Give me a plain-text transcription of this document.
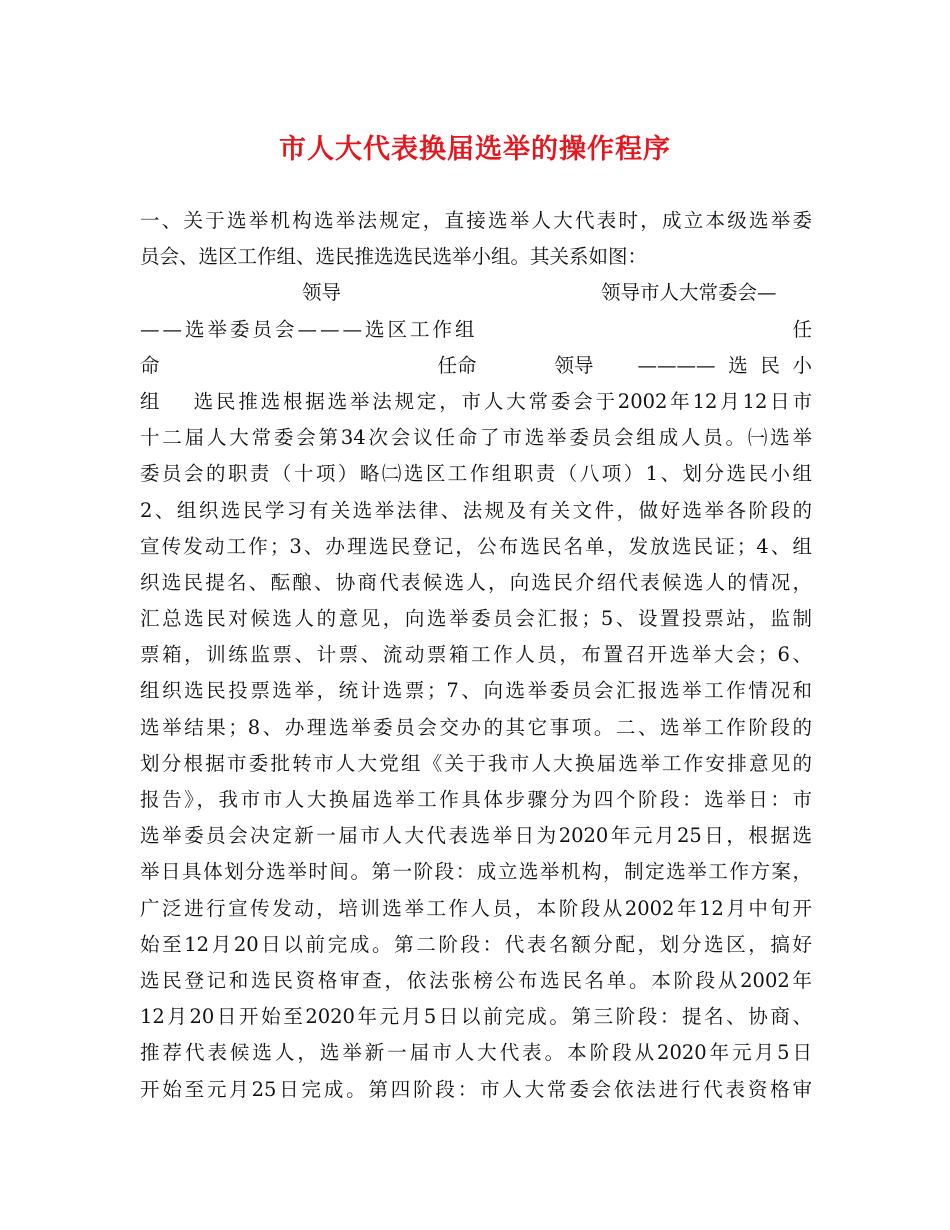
市人大代表换届选举的操作程序
一、关于选举机构选举法规定，直接选举人大代表时，成立本级选举委
员会、选区工作组、选民推选选民选举小组。其关系如图：
领导	领导市人大常委会—
——选举委员会———选区工作组	任
命	任命	领导 ————选民小
组　 选民推选根据选举法规定，市人大常委会于2002年12月12日市
十二届人大常委会第34次会议任命了市选举委员会组成人员。㈠选举
委员会的职责（十项）略㈡选区工作组职责（八项）1、划分选民小组
2、组织选民学习有关选举法律、法规及有关文件，做好选举各阶段的
宣传发动工作；3、办理选民登记，公布选民名单，发放选民证；4、组
织选民提名、酝酿、协商代表候选人，向选民介绍代表候选人的情况，
汇总选民对候选人的意见，向选举委员会汇报；5、设置投票站，监制
票箱，训练监票、计票、流动票箱工作人员，布置召开选举大会；6、
组织选民投票选举，统计选票；7、向选举委员会汇报选举工作情况和
选举结果；8、办理选举委员会交办的其它事项。二、选举工作阶段的
划分根据市委批转市人大党组《关于我市人大换届选举工作安排意见的
报告》，我市市人大换届选举工作具体步骤分为四个阶段：选举日：市
选举委员会决定新一届市人大代表选举日为2020年元月25日，根据选
举日具体划分选举时间。第一阶段：成立选举机构，制定选举工作方案，
广泛进行宣传发动，培训选举工作人员，本阶段从2002年12月中旬开
始至12月20日以前完成。第二阶段：代表名额分配，划分选区，搞好
选民登记和选民资格审查，依法张榜公布选民名单。本阶段从2002年
12月20日开始至2020年元月5日以前完成。第三阶段：提名、协商、
推荐代表候选人，选举新一届市人大代表。本阶段从2020年元月5日
开始至元月25日完成。第四阶段：市人大常委会依法进行代表资格审
